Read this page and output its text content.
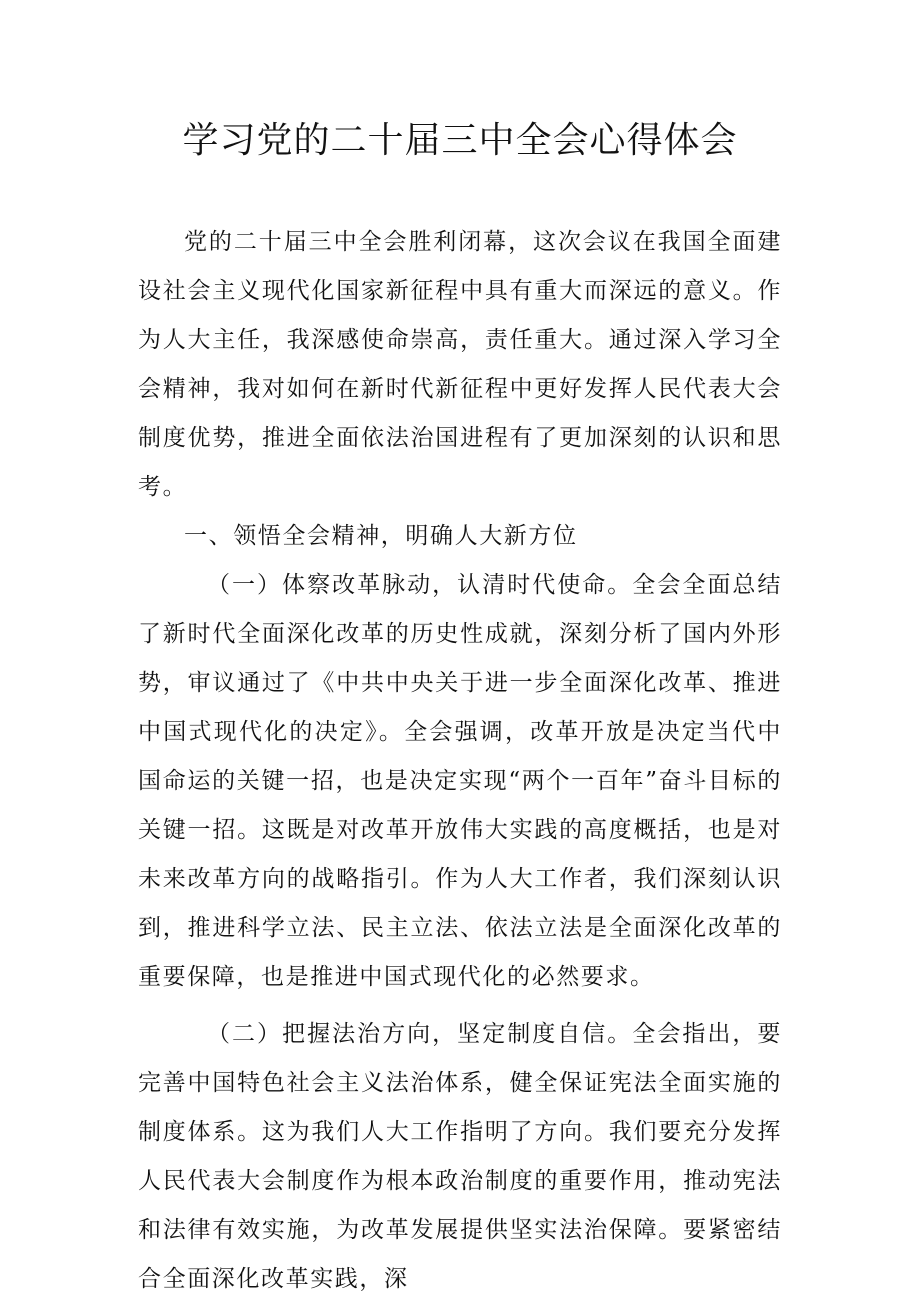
学习党的二十届三中全会心得体会

党的二十届三中全会胜利闭幕，这次会议在我国全面建设社会主义现代化国家新征程中具有重大而深远的意义。作为人大主任，我深感使命崇高，责任重大。通过深入学习全会精神，我对如何在新时代新征程中更好发挥人民代表大会制度优势，推进全面依法治国进程有了更加深刻的认识和思考。

一、领悟全会精神，明确人大新方位

（一）体察改革脉动，认清时代使命。全会全面总结了新时代全面深化改革的历史性成就，深刻分析了国内外形势，审议通过了《中共中央关于进一步全面深化改革、推进中国式现代化的决定》。全会强调，改革开放是决定当代中国命运的关键一招，也是决定实现“两个一百年”奋斗目标的关键一招。这既是对改革开放伟大实践的高度概括，也是对未来改革方向的战略指引。作为人大工作者，我们深刻认识到，推进科学立法、民主立法、依法立法是全面深化改革的重要保障，也是推进中国式现代化的必然要求。

（二）把握法治方向，坚定制度自信。全会指出，要完善中国特色社会主义法治体系，健全保证宪法全面实施的制度体系。这为我们人大工作指明了方向。我们要充分发挥人民代表大会制度作为根本政治制度的重要作用，推动宪法和法律有效实施，为改革发展提供坚实法治保障。要紧密结合全面深化改革实践，深
